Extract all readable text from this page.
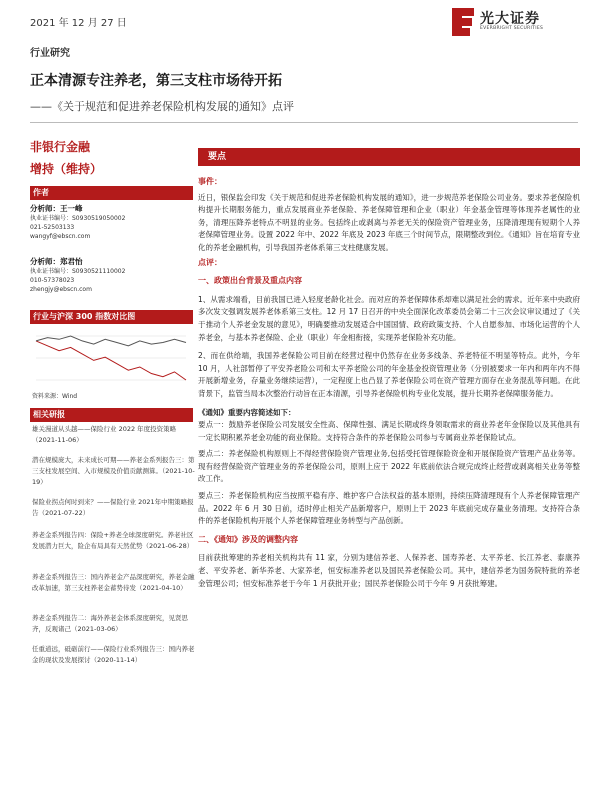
2021 年 12 月 27 日	光大证券
EVERBRIGHT SECURITIES
行业研究
正本清源专注养老，第三支柱市场待开拓
——《关于规范和促进养老保险机构发展的通知》点评
非银行金融
增持（维持）
作者
分析师：王一峰
执业证书编号：S0930519050002
021-52503133
wangyf@ebscn.com
分析师：郑君怡
执业证书编号：S0930521110002
010-57378023
zhengjy@ebscn.com
行业与沪深 300 指数对比图
资料来源：Wind
相关研报
雄关漫道从头越——保险行业 2022 年度投资策略（2021-11-06）
潜在规模庞大，未来成长可期——养老金系列报告三：第三支柱发展空间、入市规模及价值贡献测算。（2021-10-19）
保险业拐点何时到来？——保险行业 2021年中期策略报告（2021-07-22）
养老金系列报告四：保险+养老全球深度研究。养老社区发展潜力巨大，险企布局具有天然优势（2021-06-28）
养老金系列报告三：国内养老金产品深度研究，养老金融改革加速，第三支柱养老金蓄势待发（2021-04-10）
养老金系列报告二：海外养老金体系深度研究，见贤思齐，反观诸己（2021-03-06）
任重道远，砥砺前行——保险行业系列报告三：国内养老金的现状及发展探讨（2020-11-14）
要点
事件：

近日，银保监会印发《关于规范和促进养老保险机构发展的通知》，进一步规范养老保险公司业务。要求养老保险机构提升长期服务能力，重点发展商业养老保险、养老保障管理和企业（职业）年金基金管理等体现养老属性的业务，清理压降养老特点不明显的业务。包括终止或剥离与养老无关的保险资产管理业务，压降清理现有短期个人养老保障管理业务。设置 2022 年中、2022 年底及 2023 年底三个时间节点，限期整改到位。《通知》旨在培育专业化的养老金融机构，引导我国养老体系第三支柱健康发展。

点评：
一、政策出台背景及重点内容

1、从需求端看，目前我国已进入轻度老龄化社会。而对应的养老保障体系却难以满足社会的需求。近年来中央政府多次发文强调发展养老体系第三支柱。12 月 17 日召开的中央全面深化改革委员会第二十三次会议审议通过了《关于推动个人养老金发展的意见》，明确要推动发展适合中国国情、政府政策支持、个人自愿参加、市场化运营的个人养老金，与基本养老保险、企业（职业）年金相衔接，实现养老保险补充功能。

2、而在供给端，我国养老保险公司目前在经营过程中仍然存在业务多线条、养老特征不明显等特点。此外，今年 10 月，人社部暂停了平安养老险公司和太平养老险公司的年金基金投资管理业务（分别被要求一年内和两年内不得开展新增业务，存量业务继续运营），一定程度上也凸显了养老保险公司在资产管理方面存在业务混乱等问题。在此背景下，监管当局本次整治行动旨在正本清源，引导养老保险机构专业化发展，提升长期养老保障服务能力。

《通知》重要内容简述如下：

要点一：鼓励养老保险公司发展安全性高、保障性强、满足长期或终身领取需求的商业养老年金保险以及其他具有一定长期积累养老金功能的商业保险。支持符合条件的养老保险公司参与专属商业养老保险试点。

要点二：养老保险机构原则上不得经营保险资产管理业务,包括受托管理保险资金和开展保险资产管理产品业务等。现有经营保险资产管理业务的养老保险公司，原则上应于 2022 年底前依法合规完成终止经营或剥离相关业务等整改工作。

要点三：养老保险机构应当按照平稳有序、维护客户合法权益的基本原则，持续压降清理现有个人养老保障管理产品。2022 年 6 月 30 日前，适时停止相关产品新增客户，原则上于 2023 年底前完成存量业务清理。支持符合条件的养老保险机构开展个人养老保障管理业务转型与产品创新。

二、《通知》涉及的调整内容

目前获批筹建的养老相关机构共有 11 家，分别为建信养老、人保养老、国寿养老、太平养老、长江养老、泰康养老、平安养老、新华养老、大家养老，恒安标准养老以及国民养老保险公司。其中，建信养老为国务院特批的养老金管理公司；恒安标准养老于今年 1 月获批开业；国民养老保险公司于今年 9 月获批筹建。
